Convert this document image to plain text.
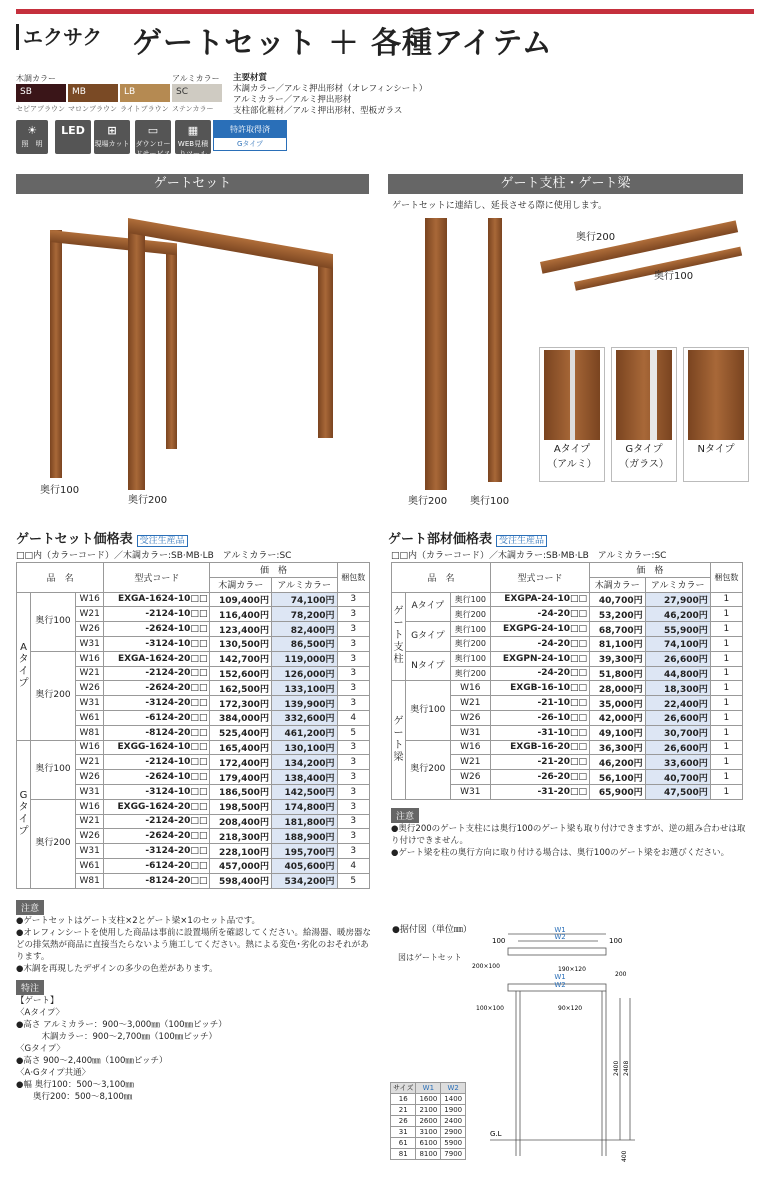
エクサク ゲートセット ＋ 各種アイテム
木調カラー	アルミカラー
SB
セピアブラウン
MB
マロンブラウン
LB
ライトブラウン
SC
ステンカラー
主要材質
木調カラー／アルミ押出形材（オレフィンシート）
アルミカラー／アルミ押出形材
支柱部化粧材／アルミ押出形材、型板ガラス
☀
照　明
LED	⊞
現場カット
▭
ダウンロードサービス
▦
WEB見積りツール
特許取得済
Gタイプ
ゲートセット	ゲート支柱・ゲート梁
ゲートセットに連結し、延長させる際に使用します。
奥行100
奥行200	奥行200 奥行100
奥行200
奥行100
Aタイプ
（アルミ）
Gタイプ
（ガラス）
Nタイプ
ゲートセット価格表 受注生産品
□□内（カラーコード）／木調カラー:SB·MB·LB　アルミカラー:SC
品　名			型式コード	価　格		梱包数
				木調カラー	アルミカラー	
A
タ
イ
プ	奥行100	W16	EXGA-1624-10□□	109,400円	74,100円	3
		W21	-2124-10□□	116,400円	78,200円	3
		W26	-2624-10□□	123,400円	82,400円	3
		W31	-3124-10□□	130,500円	86,500円	3
	奥行200	W16	EXGA-1624-20□□	142,700円	119,000円	3
		W21	-2124-20□□	152,600円	126,000円	3
		W26	-2624-20□□	162,500円	133,100円	3
		W31	-3124-20□□	172,300円	139,900円	3
		W61	-6124-20□□	384,000円	332,600円	4
		W81	-8124-20□□	525,400円	461,200円	5
G
タ
イ
プ	奥行100	W16	EXGG-1624-10□□	165,400円	130,100円	3
		W21	-2124-10□□	172,400円	134,200円	3
		W26	-2624-10□□	179,400円	138,400円	3
		W31	-3124-10□□	186,500円	142,500円	3
	奥行200	W16	EXGG-1624-20□□	198,500円	174,800円	3
		W21	-2124-20□□	208,400円	181,800円	3
		W26	-2624-20□□	218,300円	188,900円	3
		W31	-3124-20□□	228,100円	195,700円	3
		W61	-6124-20□□	457,000円	405,600円	4
		W81	-8124-20□□	598,400円	534,200円	5
ゲート部材価格表 受注生産品
□□内（カラーコード）／木調カラー:SB·MB·LB　アルミカラー:SC
品　名			型式コード	価　格		梱包数
				木調カラー	アルミカラー	
ゲ
ー
ト
支
柱	Aタイプ	奥行100	EXGPA-24-10□□	40,700円	27,900円	1
		奥行200	-24-20□□	53,200円	46,200円	1
	Gタイプ	奥行100	EXGPG-24-10□□	68,700円	55,900円	1
		奥行200	-24-20□□	81,100円	74,100円	1
	Nタイプ	奥行100	EXGPN-24-10□□	39,300円	26,600円	1
		奥行200	-24-20□□	51,800円	44,800円	1
ゲ
ー
ト
梁	奥行100	W16	EXGB-16-10□□	28,000円	18,300円	1
		W21	-21-10□□	35,000円	22,400円	1
		W26	-26-10□□	42,000円	26,600円	1
		W31	-31-10□□	49,100円	30,700円	1
	奥行200	W16	EXGB-16-20□□	36,300円	26,600円	1
		W21	-21-20□□	46,200円	33,600円	1
		W26	-26-20□□	56,100円	40,700円	1
		W31	-31-20□□	65,900円	47,500円	1
注意
●奥行200のゲート支柱には奥行100のゲート梁も取り付けできますが、逆の組み合わせは取り付けできません。
●ゲート梁を柱の奥行方向に取り付ける場合は、奥行100のゲート梁をお選びください。
注意
●ゲートセットはゲート支柱×2とゲート梁×1のセット品です。
●オレフィンシートを使用した商品は事前に設置場所を確認してください。給湯器、暖房器などの排気熱が商品に直接当たらないよう施工してください。熱による変色･劣化のおそれがあります。
●木調を再現したデザインの多少の色差があります。
特注
【ゲート】
〈Aタイプ〉
●高さ アルミカラー：900～3,000㎜（100㎜ピッチ）
　　　木調カラー：900～2,700㎜（100㎜ピッチ）
〈Gタイプ〉
●高さ 900～2,400㎜（100㎜ピッチ）
〈A·Gタイプ共通〉
●幅 奥行100：500～3,100㎜
　　奥行200：500～8,100㎜
●据付図（単位㎜）
図はゲートセット
W1
W2
100	100
200×100	190×120
200
W1
W2
100×100	90×120
2400 2408
G.L
400
サイズ	W1	W2
16	1600	1400
21	2100	1900
26	2600	2400
31	3100	2900
61	6100	5900
81	8100	7900
